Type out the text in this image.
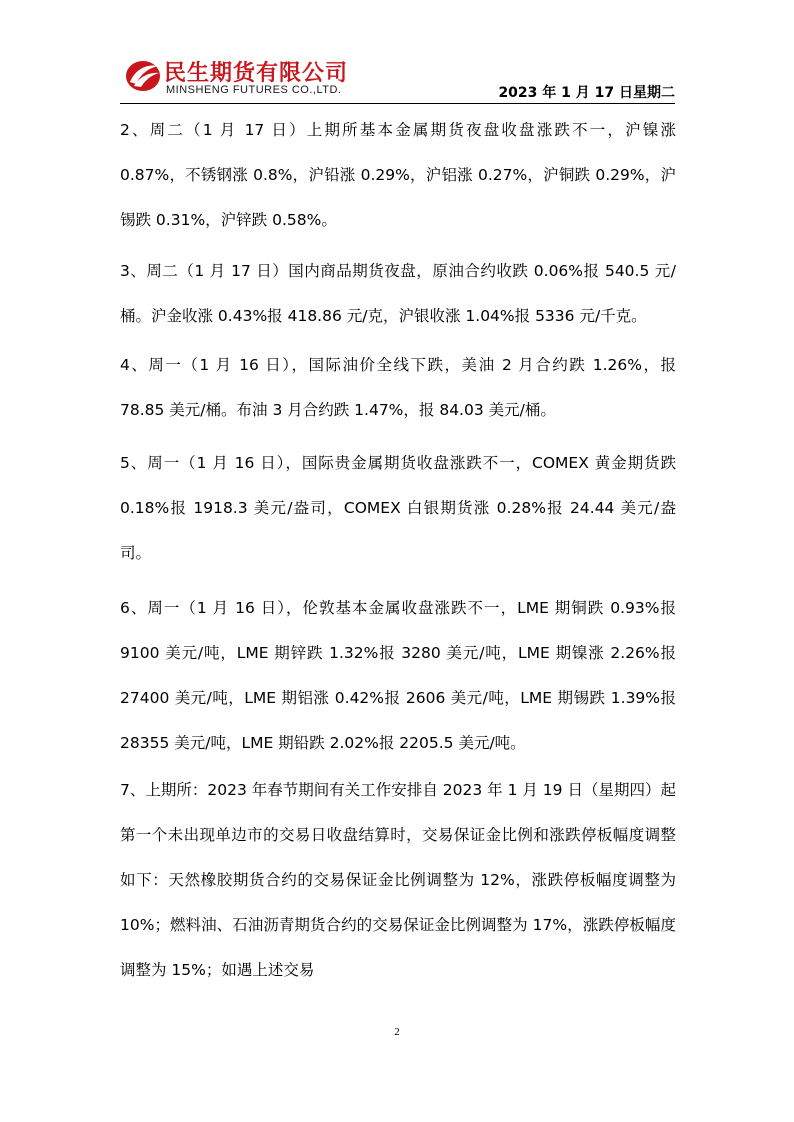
民生期货有限公司
MINSHENG FUTURES CO.,LTD.	2023 年 1 月 17 日星期二

2、周二（1 月 17 日）上期所基本金属期货夜盘收盘涨跌不一，沪镍涨 0.87%，不锈钢涨 0.8%，沪铅涨 0.29%，沪铝涨 0.27%，沪铜跌 0.29%，沪锡跌 0.31%，沪锌跌 0.58%。

3、周二（1 月 17 日）国内商品期货夜盘，原油合约收跌 0.06%报 540.5 元/桶。沪金收涨 0.43%报 418.86 元/克，沪银收涨 1.04%报 5336 元/千克。

4、周一（1 月 16 日），国际油价全线下跌，美油 2 月合约跌 1.26%，报 78.85 美元/桶。布油 3 月合约跌 1.47%，报 84.03 美元/桶。

5、周一（1 月 16 日），国际贵金属期货收盘涨跌不一，COMEX 黄金期货跌 0.18%报 1918.3 美元/盎司，COMEX 白银期货涨 0.28%报 24.44 美元/盎司。

6、周一（1 月 16 日），伦敦基本金属收盘涨跌不一，LME 期铜跌 0.93%报 9100 美元/吨，LME 期锌跌 1.32%报 3280 美元/吨，LME 期镍涨 2.26%报 27400 美元/吨，LME 期铝涨 0.42%报 2606 美元/吨，LME 期锡跌 1.39%报 28355 美元/吨，LME 期铅跌 2.02%报 2205.5 美元/吨。

7、上期所：2023 年春节期间有关工作安排自 2023 年 1 月 19 日（星期四）起第一个未出现单边市的交易日收盘结算时，交易保证金比例和涨跌停板幅度调整如下：天然橡胶期货合约的交易保证金比例调整为 12%，涨跌停板幅度调整为 10%；燃料油、石油沥青期货合约的交易保证金比例调整为 17%，涨跌停板幅度调整为 15%；如遇上述交易

2
